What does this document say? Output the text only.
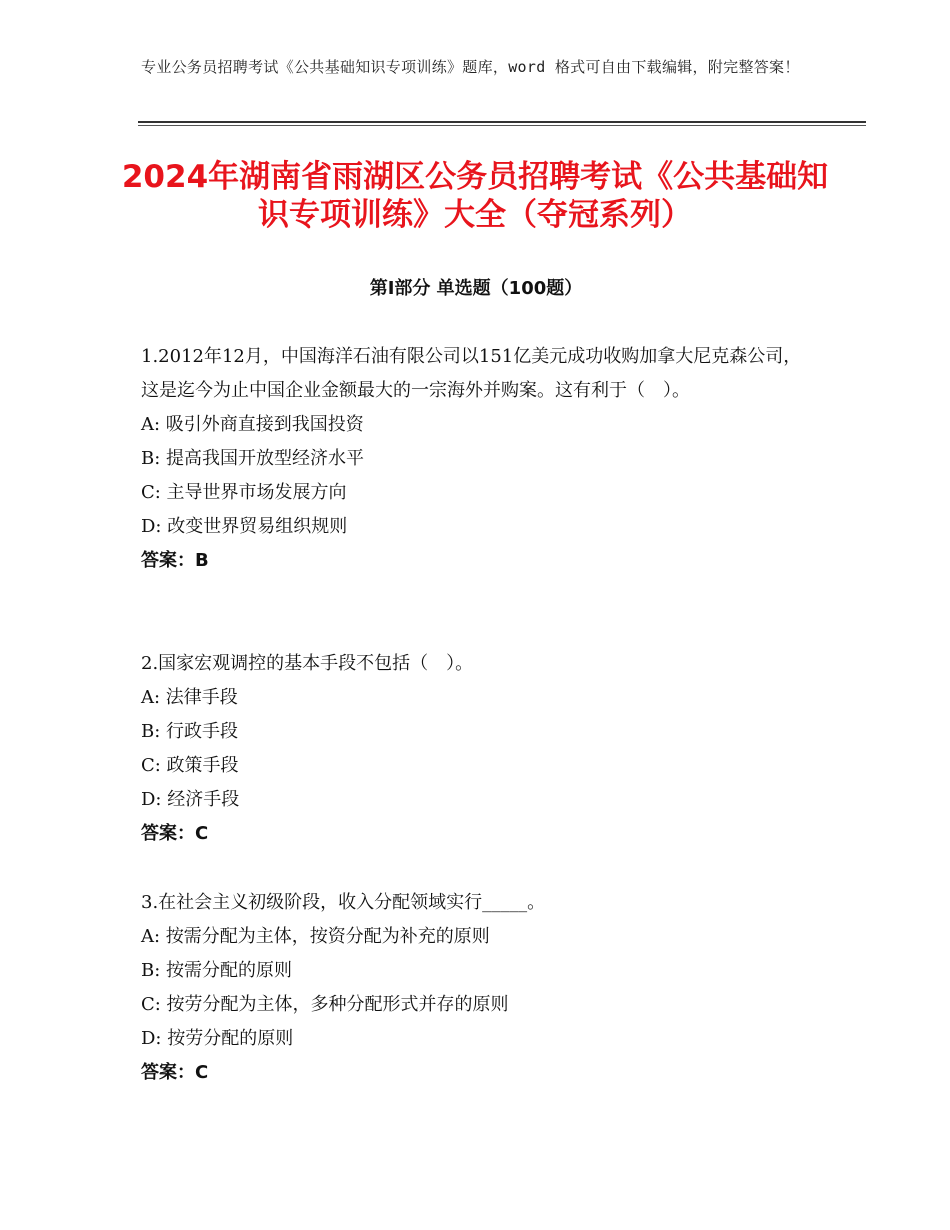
专业公务员招聘考试《公共基础知识专项训练》题库，word 格式可自由下载编辑，附完整答案！
2024年湖南省雨湖区公务员招聘考试《公共基础知识专项训练》大全（夺冠系列）
第I部分 单选题（100题）

1.2012年12月，中国海洋石油有限公司以151亿美元成功收购加拿大尼克森公司，这是迄今为止中国企业金额最大的一宗海外并购案。这有利于（　）。

A: 吸引外商直接到我国投资

B: 提高我国开放型经济水平

C: 主导世界市场发展方向

D: 改变世界贸易组织规则

答案：B

2.国家宏观调控的基本手段不包括（　）。

A: 法律手段

B: 行政手段

C: 政策手段

D: 经济手段

答案：C

3.在社会主义初级阶段，收入分配领域实行_____。

A: 按需分配为主体，按资分配为补充的原则

B: 按需分配的原则

C: 按劳分配为主体，多种分配形式并存的原则

D: 按劳分配的原则

答案：C
